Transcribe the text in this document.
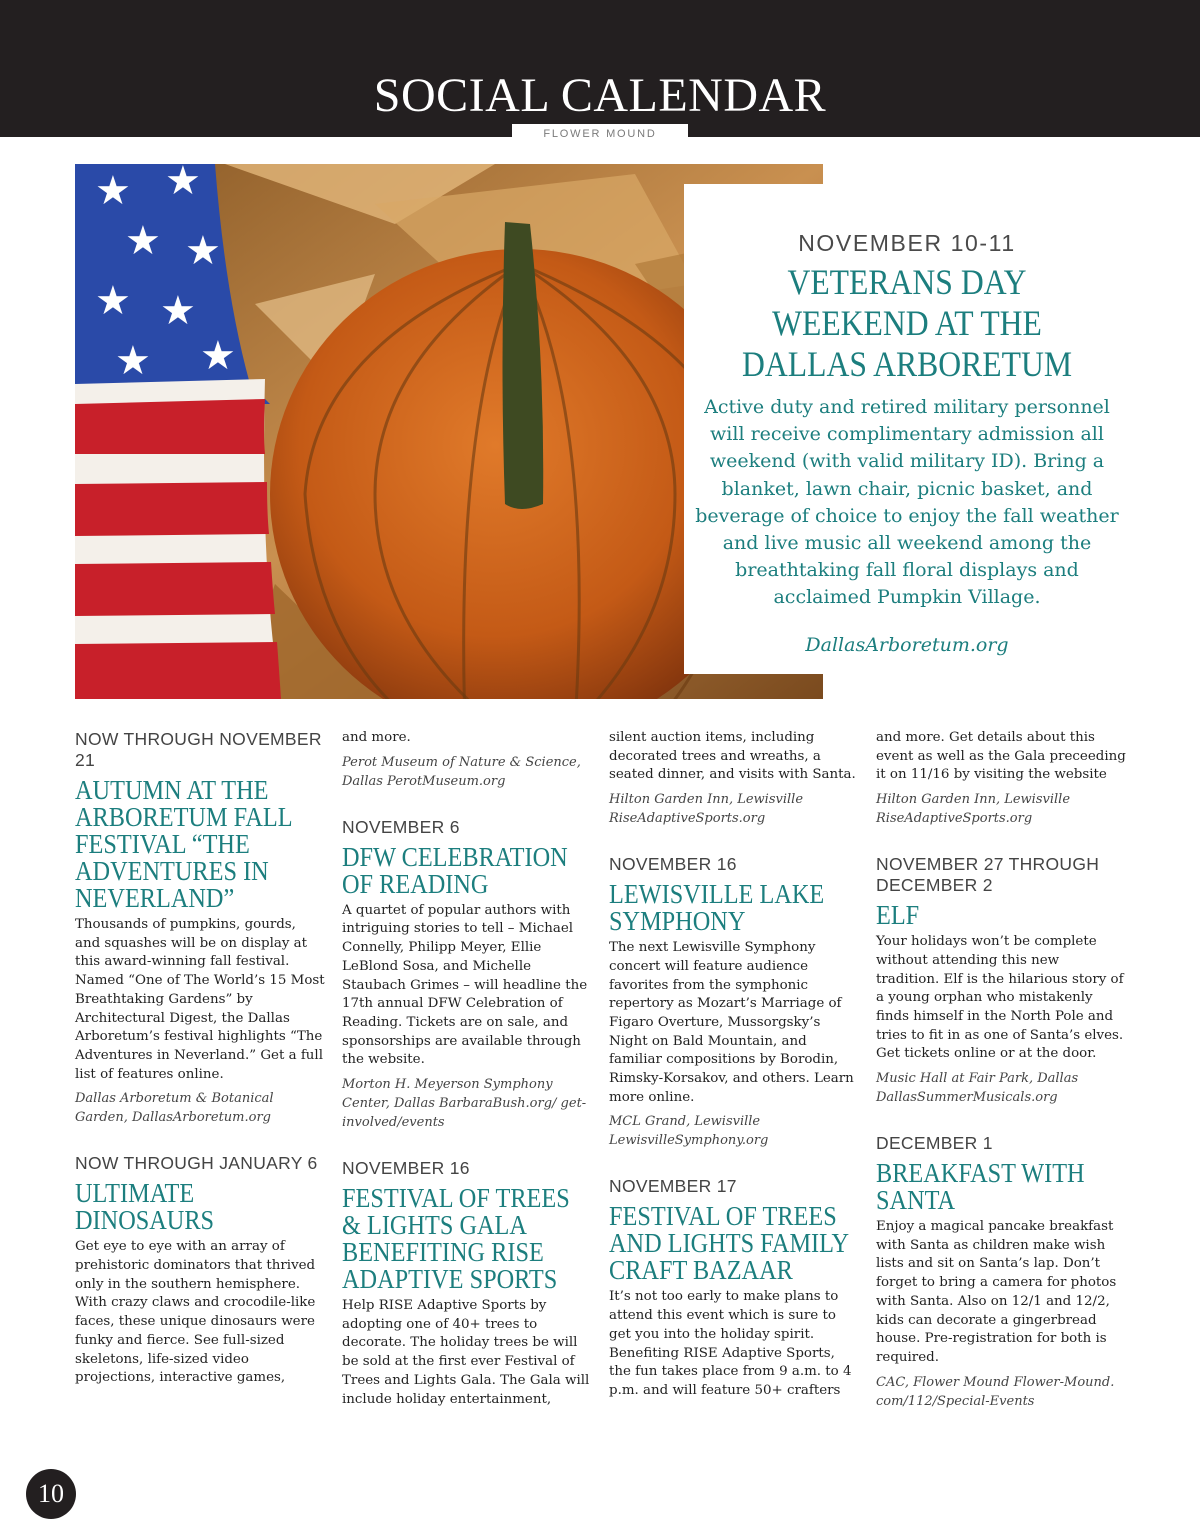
SOCIAL CALENDAR
FLOWER MOUND
★ ★
★ ★
★ ★
★ ★
NOVEMBER 10-11
VETERANS DAY WEEKEND AT THE DALLAS ARBORETUM
Active duty and retired military personnel will receive complimentary admission all weekend (with valid military ID). Bring a blanket, lawn chair, picnic basket, and beverage of choice to enjoy the fall weather and live music all weekend among the breathtaking fall floral displays and acclaimed Pumpkin Village.
DallasArboretum.org

NOW THROUGH NOVEMBER 21

AUTUMN AT THE ARBORETUM FALL FESTIVAL “THE ADVENTURES IN NEVERLAND”

Thousands of pumpkins, gourds, and squashes will be on display at this award-winning fall festival. Named “One of The World’s 15 Most Breathtaking Gardens” by Architectural Digest, the Dallas Arboretum’s festival highlights “The Adventures in Neverland.” Get a full list of features online.

Dallas Arboretum & Botanical Garden, DallasArboretum.org

NOW THROUGH JANUARY 6

ULTIMATE DINOSAURS

Get eye to eye with an array of prehistoric dominators that thrived only in the southern hemisphere. With crazy claws and crocodile-like faces, these unique dinosaurs were funky and fierce. See full-sized skeletons, life-sized video projections, interactive games,

and more.

Perot Museum of Nature & Science, Dallas PerotMuseum.org

NOVEMBER 6

DFW CELEBRATION OF READING

A quartet of popular authors with intriguing stories to tell – Michael Connelly, Philipp Meyer, Ellie LeBlond Sosa, and Michelle Staubach Grimes – will headline the 17th annual DFW Celebration of Reading. Tickets are on sale, and sponsorships are available through the website.

Morton H. Meyerson Symphony Center, Dallas BarbaraBush.org/ get-involved/events

NOVEMBER 16

FESTIVAL OF TREES & LIGHTS GALA BENEFITING RISE ADAPTIVE SPORTS

Help RISE Adaptive Sports by adopting one of 40+ trees to decorate. The holiday trees be will be sold at the first ever Festival of Trees and Lights Gala. The Gala will include holiday entertainment,

silent auction items, including decorated trees and wreaths, a seated dinner, and visits with Santa.

Hilton Garden Inn, Lewisville RiseAdaptiveSports.org

NOVEMBER 16

LEWISVILLE LAKE SYMPHONY

The next Lewisville Symphony concert will feature audience favorites from the symphonic repertory as Mozart’s Marriage of Figaro Overture, Mussorgsky’s Night on Bald Mountain, and familiar compositions by Borodin, Rimsky-Korsakov, and others. Learn more online.

MCL Grand, Lewisville LewisvilleSymphony.org

NOVEMBER 17

FESTIVAL OF TREES AND LIGHTS FAMILY CRAFT BAZAAR

It’s not too early to make plans to attend this event which is sure to get you into the holiday spirit. Benefiting RISE Adaptive Sports, the fun takes place from 9 a.m. to 4 p.m. and will feature 50+ crafters

and more. Get details about this event as well as the Gala preceeding it on 11/16 by visiting the website

Hilton Garden Inn, Lewisville RiseAdaptiveSports.org

NOVEMBER 27 THROUGH DECEMBER 2

ELF

Your holidays won’t be complete without attending this new tradition. Elf is the hilarious story of a young orphan who mistakenly finds himself in the North Pole and tries to fit in as one of Santa’s elves. Get tickets online or at the door.

Music Hall at Fair Park, Dallas DallasSummerMusicals.org

DECEMBER 1

BREAKFAST WITH SANTA

Enjoy a magical pancake breakfast with Santa as children make wish lists and sit on Santa’s lap. Don’t forget to bring a camera for photos with Santa. Also on 12/1 and 12/2, kids can decorate a gingerbread house. Pre-registration for both is required.

CAC, Flower Mound Flower-Mound. com/112/Special-Events

10
